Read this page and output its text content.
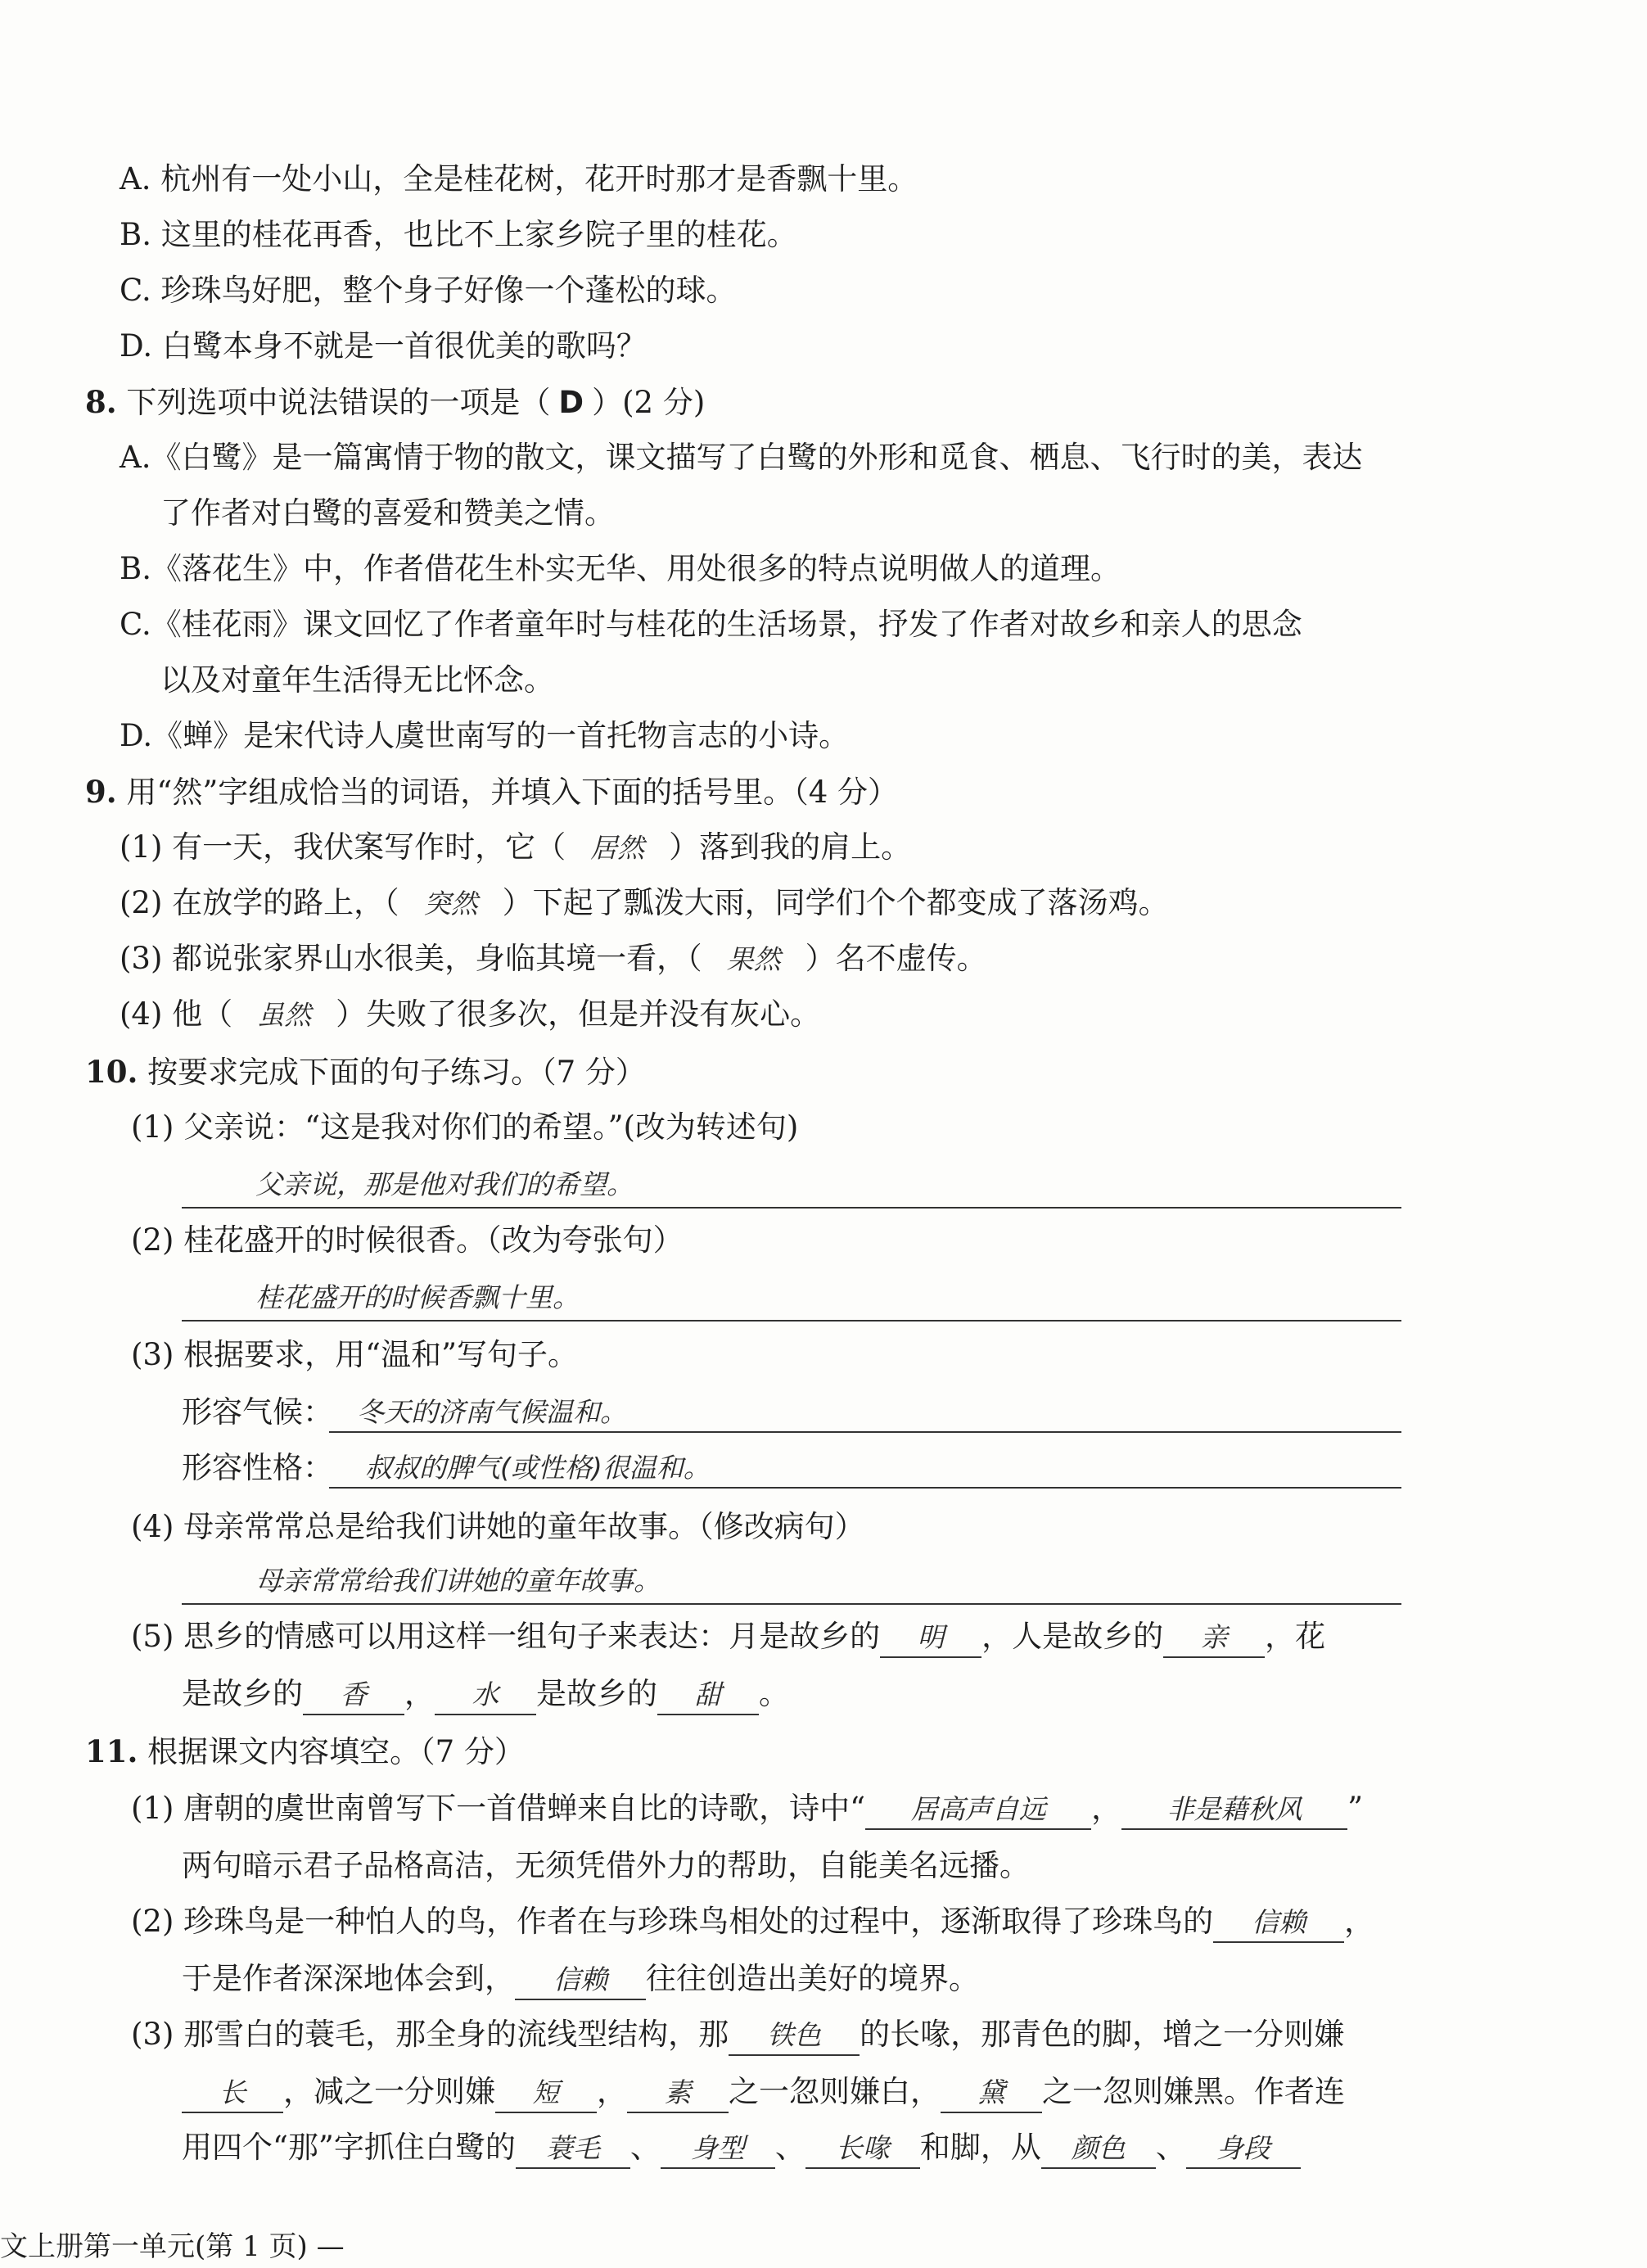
A. 杭州有一处小山，全是桂花树，花开时那才是香飘十里。
B. 这里的桂花再香，也比不上家乡院子里的桂花。
C. 珍珠鸟好肥，整个身子好像一个蓬松的球。
D. 白鹭本身不就是一首很优美的歌吗？
8. 下列选项中说法错误的一项是（ D ）(2 分)
A.《白鹭》是一篇寓情于物的散文，课文描写了白鹭的外形和觅食、栖息、飞行时的美，表达
了作者对白鹭的喜爱和赞美之情。
B.《落花生》中，作者借花生朴实无华、用处很多的特点说明做人的道理。
C.《桂花雨》课文回忆了作者童年时与桂花的生活场景，抒发了作者对故乡和亲人的思念
以及对童年生活得无比怀念。
D.《蝉》是宋代诗人虞世南写的一首托物言志的小诗。
9. 用“然”字组成恰当的词语，并填入下面的括号里。（4 分）
(1) 有一天，我伏案写作时，它（ 居然 ）落到我的肩上。
(2) 在放学的路上，（ 突然 ）下起了瓢泼大雨，同学们个个都变成了落汤鸡。
(3) 都说张家界山水很美，身临其境一看，（ 果然 ）名不虚传。
(4) 他（ 虽然 ）失败了很多次，但是并没有灰心。
10. 按要求完成下面的句子练习。（7 分）
(1) 父亲说：“这是我对你们的希望。”(改为转述句)
父亲说，那是他对我们的希望。
(2) 桂花盛开的时候很香。（改为夸张句）
桂花盛开的时候香飘十里。
(3) 根据要求，用“温和”写句子。
形容气候： 冬天的济南气候温和。
形容性格： 叔叔的脾气(或性格)很温和。
(4) 母亲常常总是给我们讲她的童年故事。（修改病句）
母亲常常给我们讲她的童年故事。
(5) 思乡的情感可以用这样一组句子来表达：月是故乡的 明 ，人是故乡的 亲 ，花
是故乡的 香 ， 水 是故乡的 甜 。
11. 根据课文内容填空。（7 分）
(1) 唐朝的虞世南曾写下一首借蝉来自比的诗歌，诗中“ 居高声自远 ， 非是藉秋风 ”
两句暗示君子品格高洁，无须凭借外力的帮助，自能美名远播。
(2) 珍珠鸟是一种怕人的鸟，作者在与珍珠鸟相处的过程中，逐渐取得了珍珠鸟的 信赖 ，
于是作者深深地体会到， 信赖 往往创造出美好的境界。
(3) 那雪白的蓑毛，那全身的流线型结构，那 铁色 的长喙，那青色的脚，增之一分则嫌
长 ，减之一分则嫌 短 ， 素 之一忽则嫌白， 黛 之一忽则嫌黑。作者连
用四个“那”字抓住白鹭的 蓑毛 、 身型 、 长喙 和脚，从 颜色 、 身段
文上册第一单元(第 1 页) —
